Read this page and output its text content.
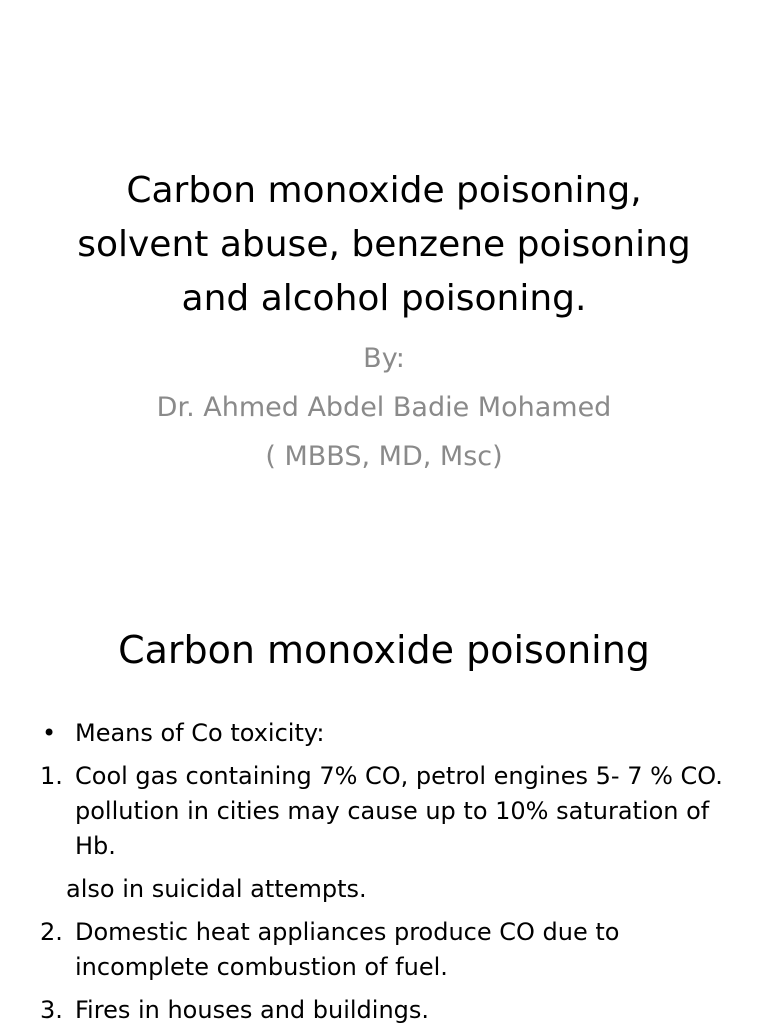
Carbon monoxide poisoning,
solvent abuse, benzene poisoning
and alcohol poisoning.
By:
Dr. Ahmed Abdel Badie Mohamed
( MBBS, MD, Msc)
Carbon monoxide poisoning
• Means of Co toxicity:
1. Cool gas containing 7% CO, petrol engines 5- 7 % CO. pollution in cities may cause up to 10% saturation of Hb.
also in suicidal attempts.
2. Domestic heat appliances produce CO due to incomplete combustion of fuel.
3. Fires in houses and buildings.
